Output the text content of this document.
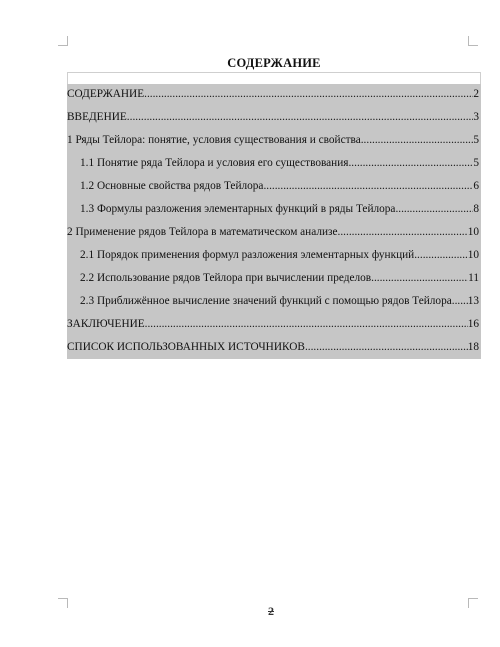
СОДЕРЖАНИЕ
СОДЕРЖАНИЕ .....	2
ВВЕДЕНИЕ .....	3
1 Ряды Тейлора: понятие, условия существования и свойства .....	5
1.1 Понятие ряда Тейлора и условия его существования .....	5
1.2 Основные свойства рядов Тейлора .....	6
1.3 Формулы разложения элементарных функций в ряды Тейлора .....	8
2 Применение рядов Тейлора в математическом анализе .....	10
2.1 Порядок применения формул разложения элементарных функций .....	10
2.2 Использование рядов Тейлора при вычислении пределов .....	11
2.3 Приближённое вычисление значений функций с помощью рядов Тейлора ..... 13
ЗАКЛЮЧЕНИЕ .....	16
СПИСОК ИСПОЛЬЗОВАННЫХ ИСТОЧНИКОВ .....	18
2
